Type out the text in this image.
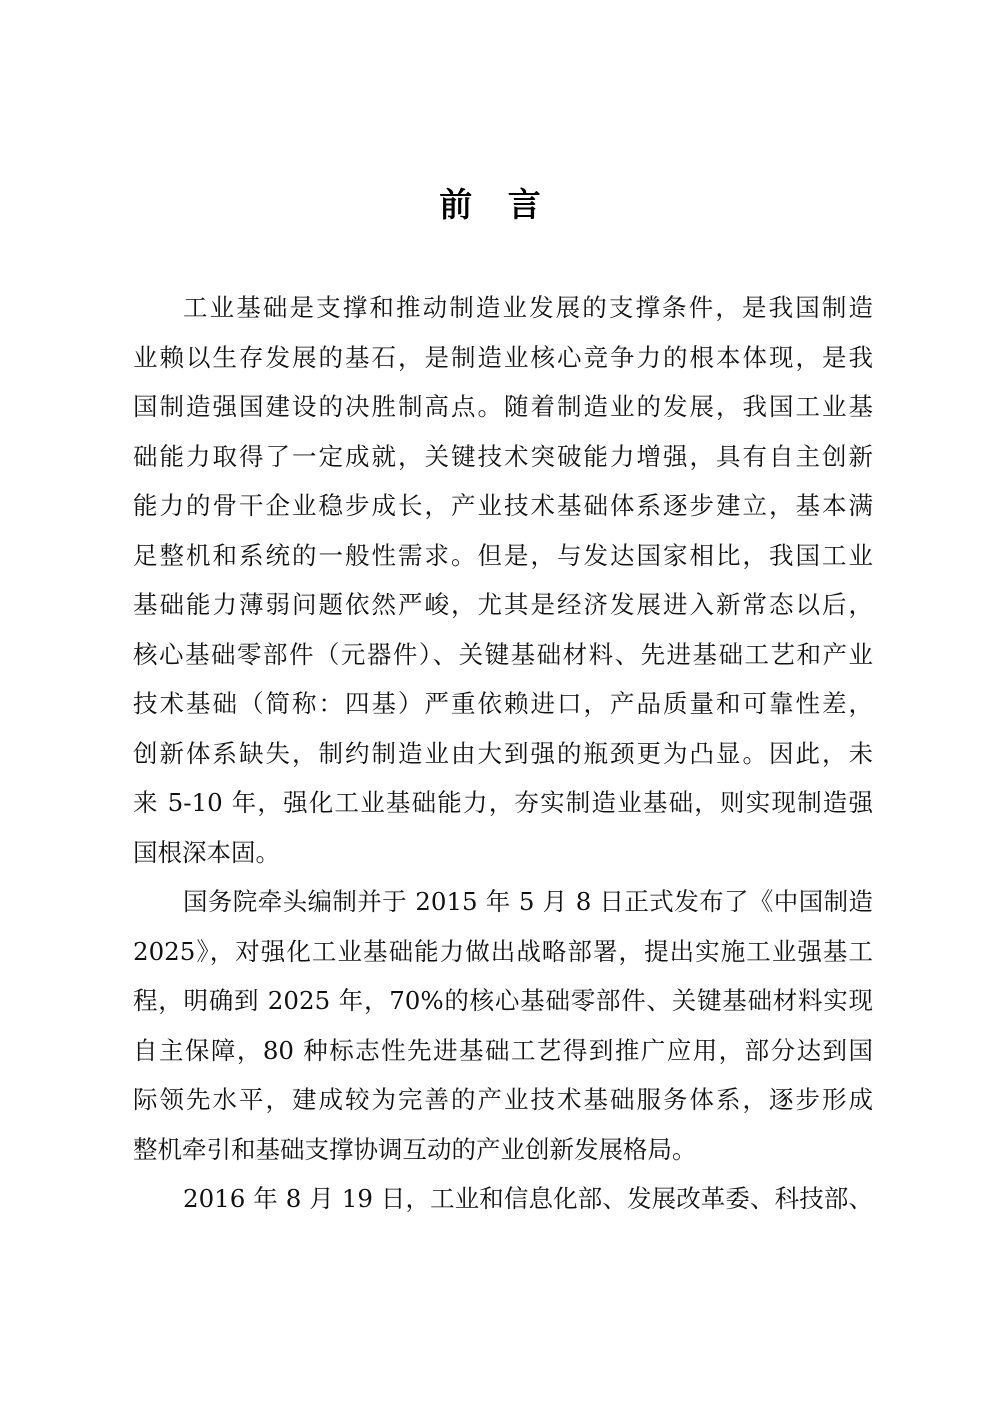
前 言
工业基础是支撑和推动制造业发展的支撑条件，是我国制造
业赖以生存发展的基石，是制造业核心竞争力的根本体现，是我
国制造强国建设的决胜制高点。随着制造业的发展，我国工业基
础能力取得了一定成就，关键技术突破能力增强，具有自主创新
能力的骨干企业稳步成长，产业技术基础体系逐步建立，基本满
足整机和系统的一般性需求。但是，与发达国家相比，我国工业
基础能力薄弱问题依然严峻，尤其是经济发展进入新常态以后，
核心基础零部件（元器件）、关键基础材料、先进基础工艺和产业
技术基础（简称：四基）严重依赖进口，产品质量和可靠性差，
创新体系缺失，制约制造业由大到强的瓶颈更为凸显。因此，未
来 5-10 年，强化工业基础能力，夯实制造业基础，则实现制造强
国根深本固。
国务院牵头编制并于 2015 年 5 月 8 日正式发布了《中国制造
2025》，对强化工业基础能力做出战略部署，提出实施工业强基工
程，明确到 2025 年，70%的核心基础零部件、关键基础材料实现
自主保障，80 种标志性先进基础工艺得到推广应用，部分达到国
际领先水平，建成较为完善的产业技术基础服务体系，逐步形成
整机牵引和基础支撑协调互动的产业创新发展格局。
2016 年 8 月 19 日，工业和信息化部、发展改革委、科技部、
